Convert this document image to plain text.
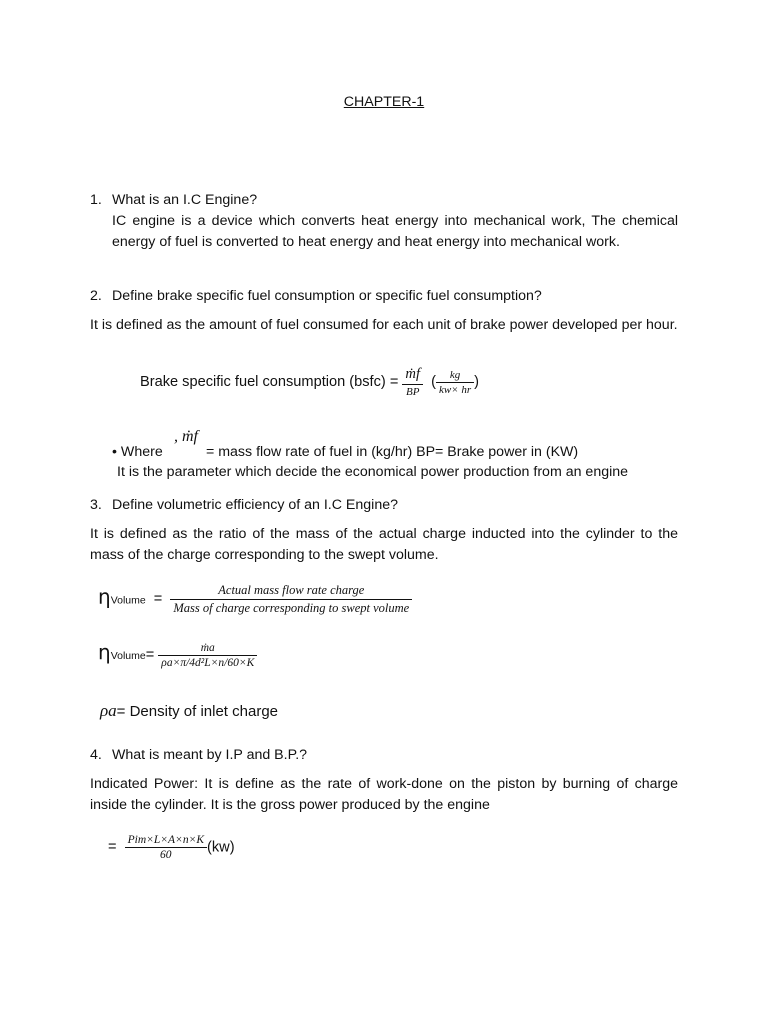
CHAPTER-1
1. What is an I.C Engine?
IC engine is a device which converts heat energy into mechanical work, The chemical energy of fuel is converted to heat energy and heat energy into mechanical work.
2. Define brake specific fuel consumption or specific fuel consumption?
It is defined as the amount of fuel consumed for each unit of brake power developed per hour.
Brake specific fuel consumption (bsfc) = $\frac{\text{ṁf}}{BP}$ ( $\frac{kg}{kw\times hr}$ )
• Where
, ṁf
= mass flow rate of fuel in (kg/hr) BP= Brake power in (KW)
It is the parameter which decide the economical power production from an engine
3. Define volumetric efficiency of an I.C Engine?
It is defined as the ratio of the mass of the actual charge inducted into the cylinder to the mass of the charge corresponding to the swept volume.
ηVolume = $\frac{\text{Actual mass flow rate charge}}{\text{Mass of charge corresponding to swept volume}}$
ηVolume= $\frac{\text{ṁa}}{\text{ρa×π/4d²L×n/60×K}}$
ρa= Density of inlet charge
4. What is meant by I.P and B.P.?
Indicated Power: It is define as the rate of work-done on the piston by burning of charge inside the cylinder. It is the gross power produced by the engine
= $\frac{\text{Pim×L×A×n×K}}{60} (kw)$
